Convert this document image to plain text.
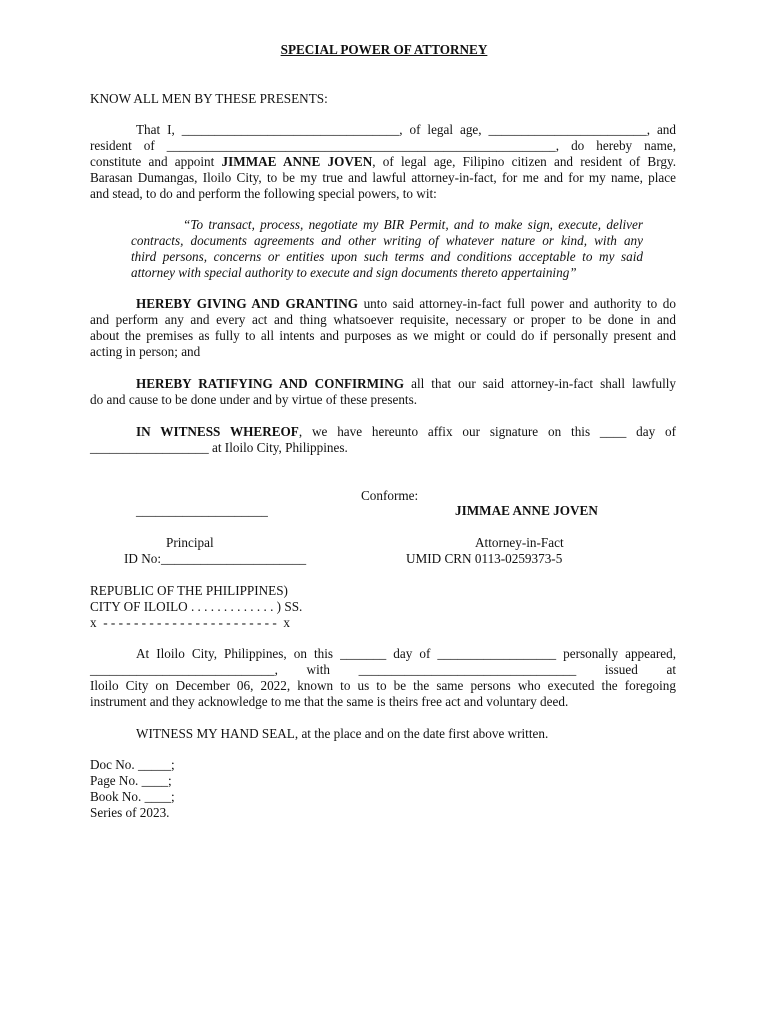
SPECIAL POWER OF ATTORNEY
KNOW ALL MEN BY THESE PRESENTS:
That I, _________________________________, of legal age, ________________________, and
resident of ___________________________________________________________, do hereby name,
constitute and appoint JIMMAE ANNE JOVEN, of legal age, Filipino citizen and resident of Brgy.
Barasan Dumangas, Iloilo City, to be my true and lawful attorney-in-fact, for me and for my name, place
and stead, to do and perform the following special powers, to wit:
“To transact, process, negotiate my BIR Permit, and to make sign, execute, deliver
contracts, documents agreements and other writing of whatever nature or kind, with any
third persons, concerns or entities upon such terms and conditions acceptable to my said
attorney with special authority to execute and sign documents thereto appertaining”
HEREBY GIVING AND GRANTING unto said attorney-in-fact full power and authority to do
and perform any and every act and thing whatsoever requisite, necessary or proper to be done in and
about the premises as fully to all intents and purposes as we might or could do if personally present and
acting in person; and
HEREBY RATIFYING AND CONFIRMING all that our said attorney-in-fact shall lawfully
do and cause to be done under and by virtue of these presents.
IN WITNESS WHEREOF, we have hereunto affix our signature on this ____ day of
__________________ at Iloilo City, Philippines.
Conforme:
____________________	JIMMAE ANNE JOVEN
Principal	Attorney-in-Fact
ID No:______________________	UMID CRN 0113-0259373-5
REPUBLIC OF THE PHILIPPINES)
CITY OF ILOILO . . . . . . . . . . . . . ) SS.
x  - - - - - - - - - - - - - - - - - - - - - - -  x
At Iloilo City, Philippines, on this _______ day of __________________ personally appeared,
____________________________, with _________________________________ issued at
Iloilo City on December 06, 2022, known to us to be the same persons who executed the foregoing
instrument and they acknowledge to me that the same is theirs free act and voluntary deed.
WITNESS MY HAND SEAL, at the place and on the date first above written.
Doc No. _____;
Page No. ____;
Book No. ____;
Series of 2023.
